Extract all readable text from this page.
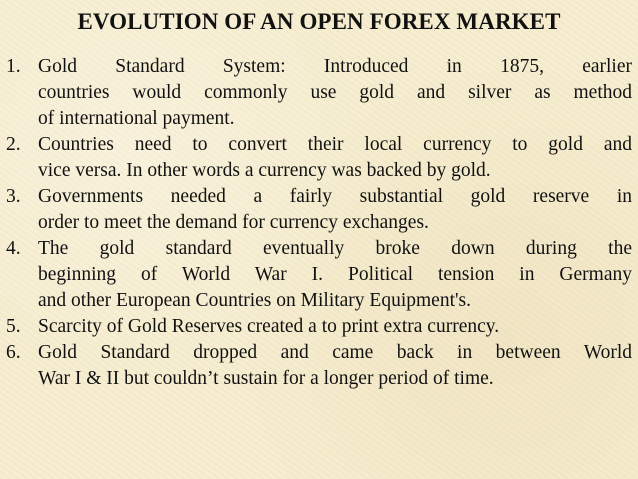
EVOLUTION OF AN OPEN FOREX MARKET
1. Gold Standard System: Introduced in 1875, earlier
countries would commonly use gold and silver as method
of international payment.
2. Countries need to convert their local currency to gold and
vice versa. In other words a currency was backed by gold.
3. Governments needed a fairly substantial gold reserve in
order to meet the demand for currency exchanges.
4. The gold standard eventually broke down during the
beginning of World War I. Political tension in Germany
and other European Countries on Military Equipment's.
5. Scarcity of Gold Reserves created a to print extra currency.
6. Gold Standard dropped and came back in between World
War I & II but couldn’t sustain for a longer period of time.
